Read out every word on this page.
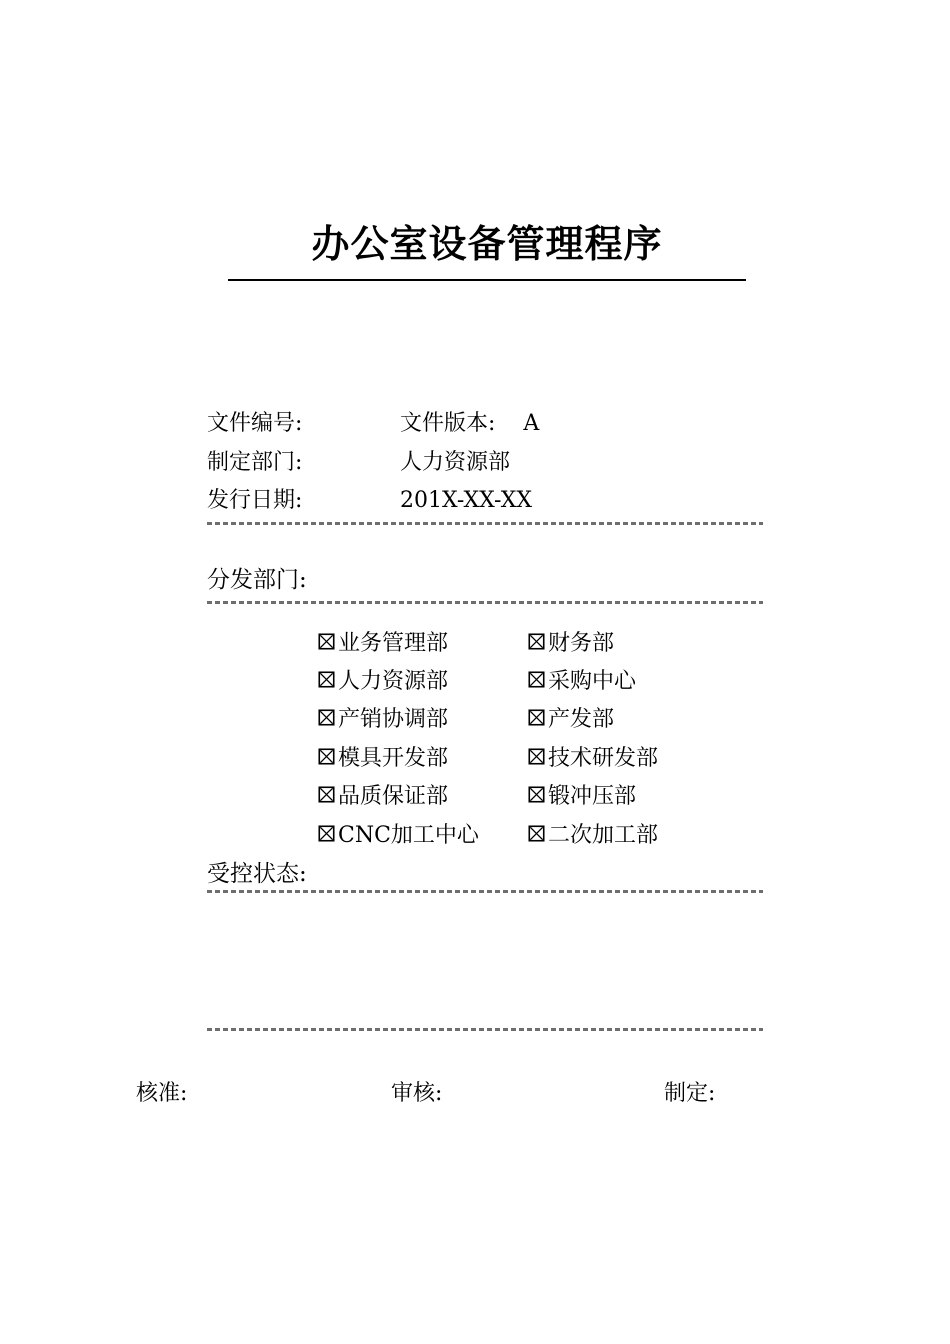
办公室设备管理程序
文件编号:	文件版本: A
制定部门:	人力资源部
发行日期:	201X-XX-XX
分发部门:
业务管理部	财务部
人力资源部	采购中心
产销协调部	产发部
模具开发部	技术研发部
品质保证部	锻冲压部
CNC加工中心	二次加工部
受控状态:
核准:	审核:	制定:
